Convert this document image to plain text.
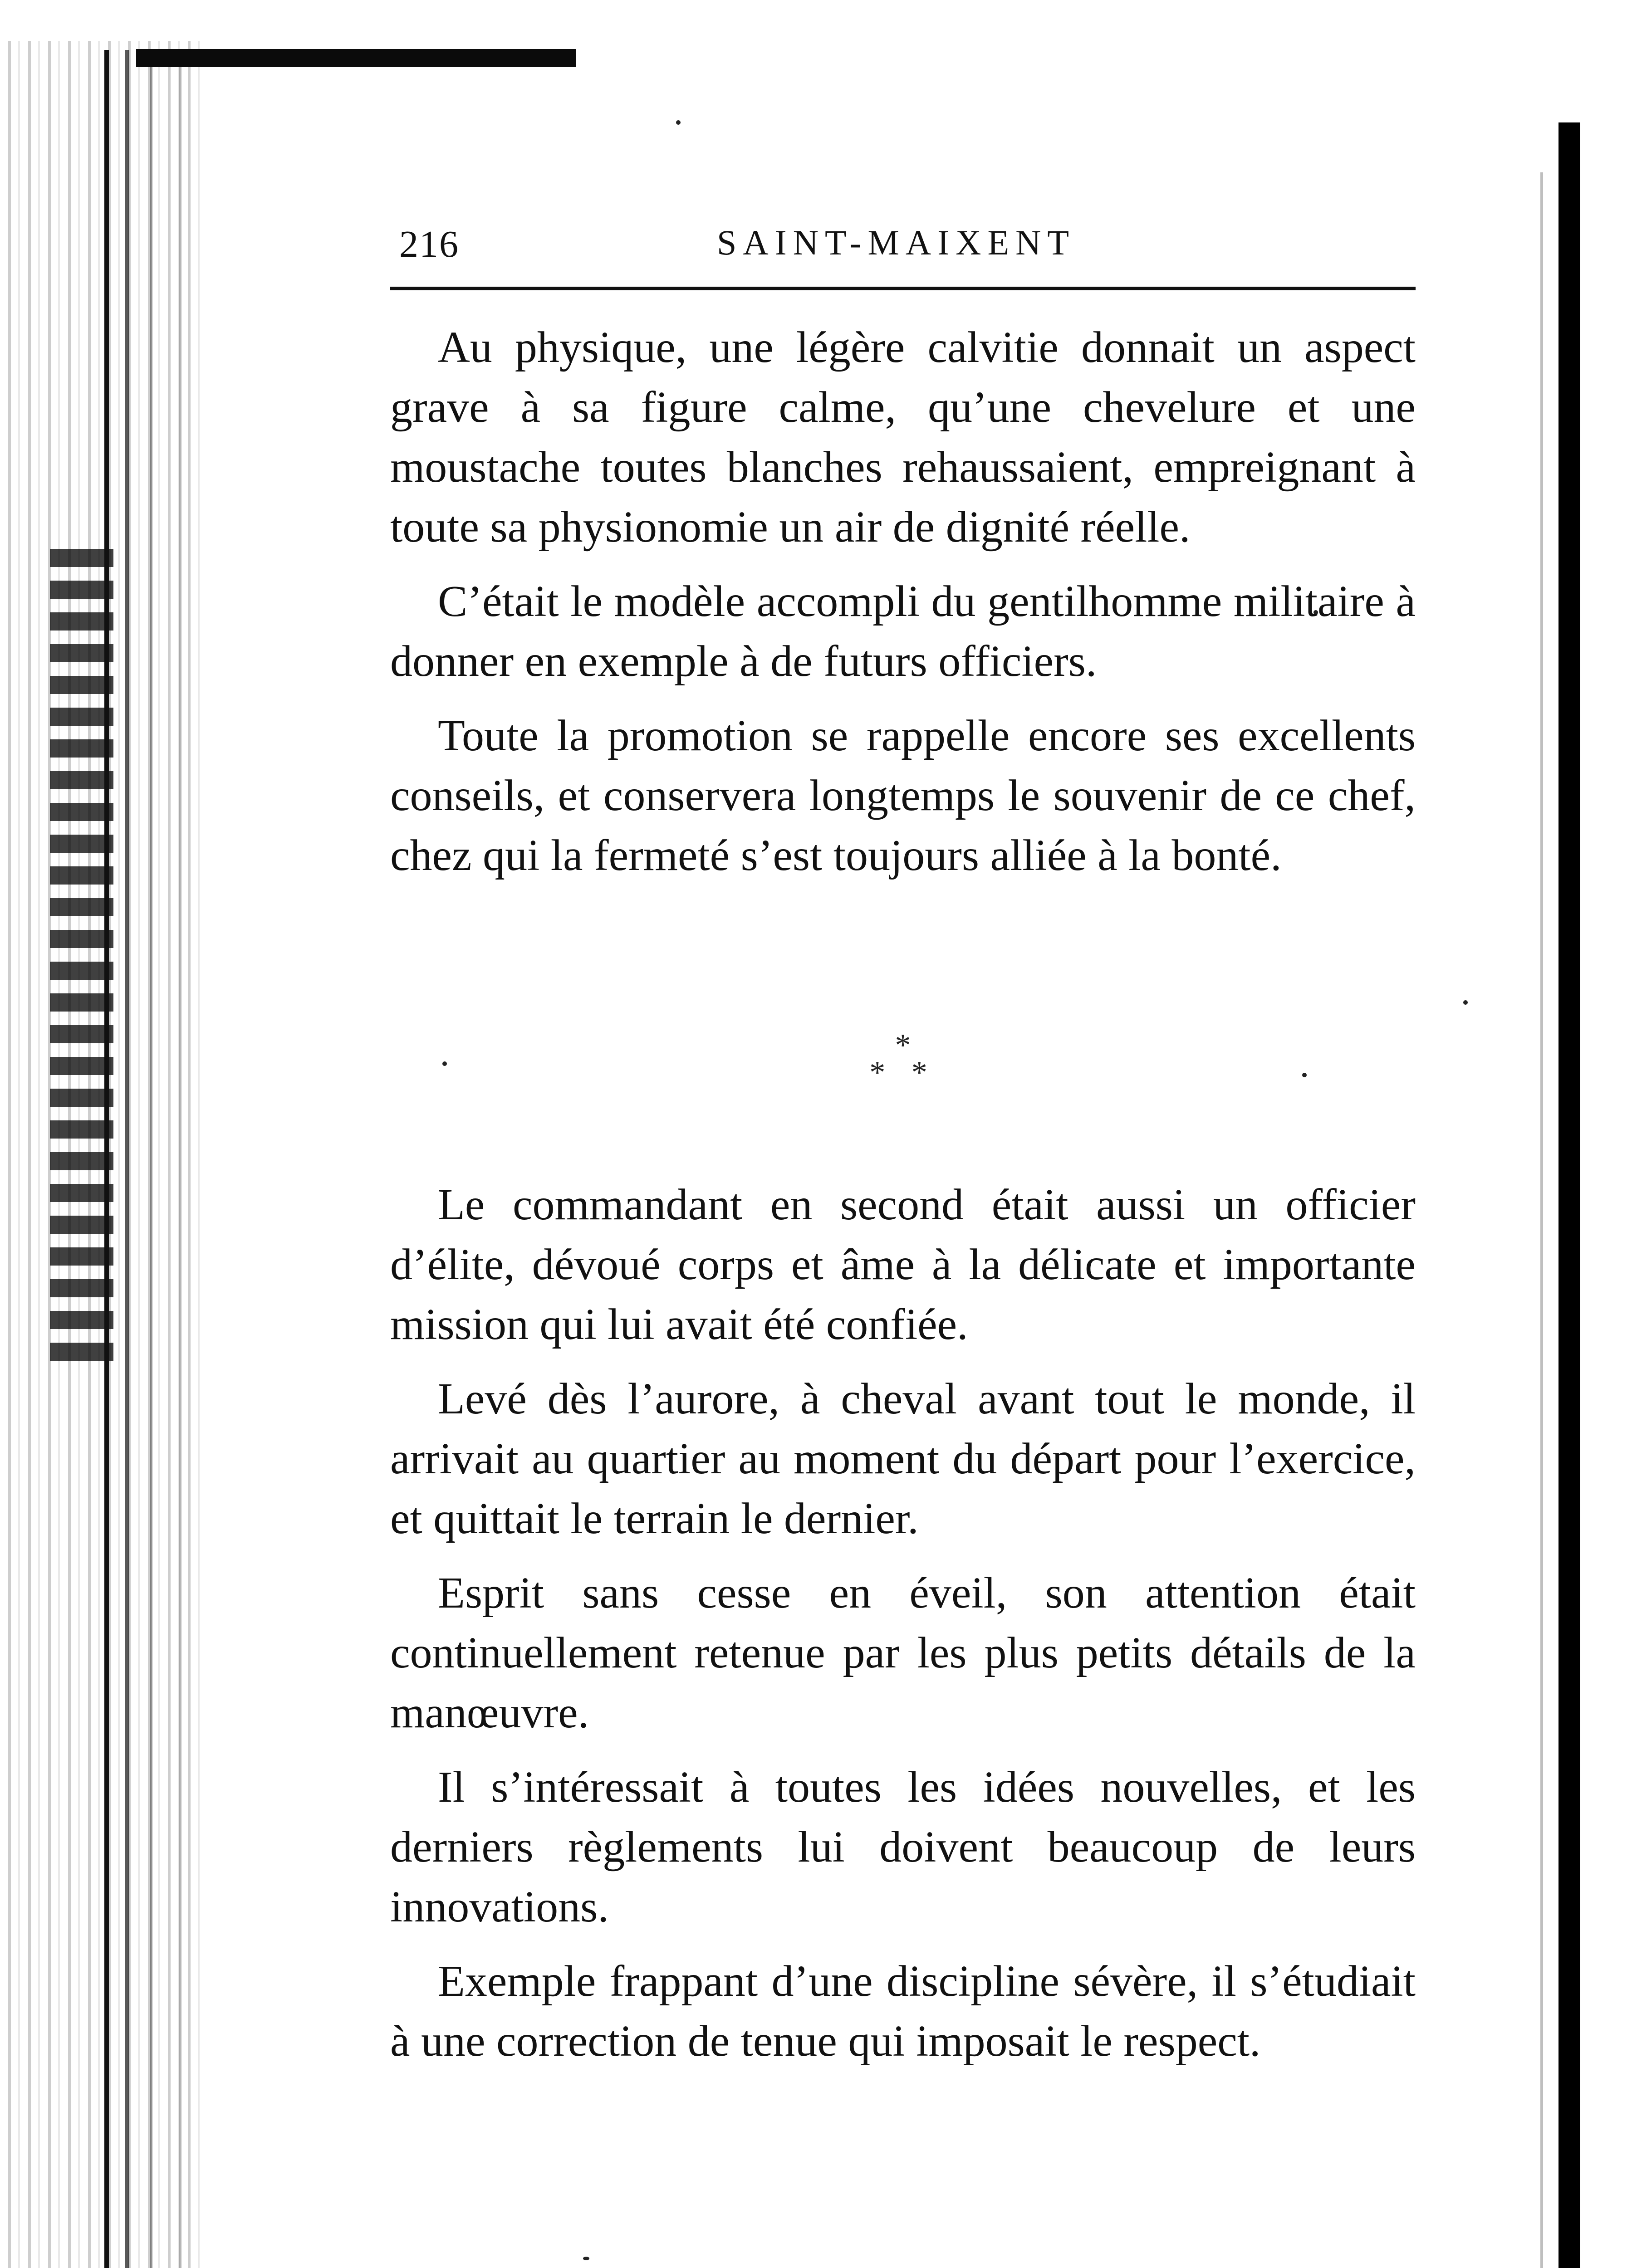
216	SAINT-MAIXENT

Au physique, une légère calvitie donnait un aspect grave à sa figure calme, qu’une chevelure et une moustache toutes blanches rehaussaient, empreignant à toute sa physionomie un air de dignité réelle.

C’était le modèle accompli du gentilhomme militaire à donner en exemple à de futurs officiers.

Toute la promotion se rappelle encore ses excellents conseils, et conservera longtemps le souvenir de ce chef, chez qui la fermeté s’est toujours alliée à la bonté.

*
* *

Le commandant en second était aussi un officier d’élite, dévoué corps et âme à la délicate et importante mission qui lui avait été confiée.

Levé dès l’aurore, à cheval avant tout le monde, il arrivait au quartier au moment du départ pour l’exercice, et quittait le terrain le dernier.

Esprit sans cesse en éveil, son attention était continuellement retenue par les plus petits détails de la manœuvre.

Il s’intéressait à toutes les idées nouvelles, et les derniers règlements lui doivent beaucoup de leurs innovations.

Exemple frappant d’une discipline sévère, il s’étudiait à une correction de tenue qui imposait le respect.
